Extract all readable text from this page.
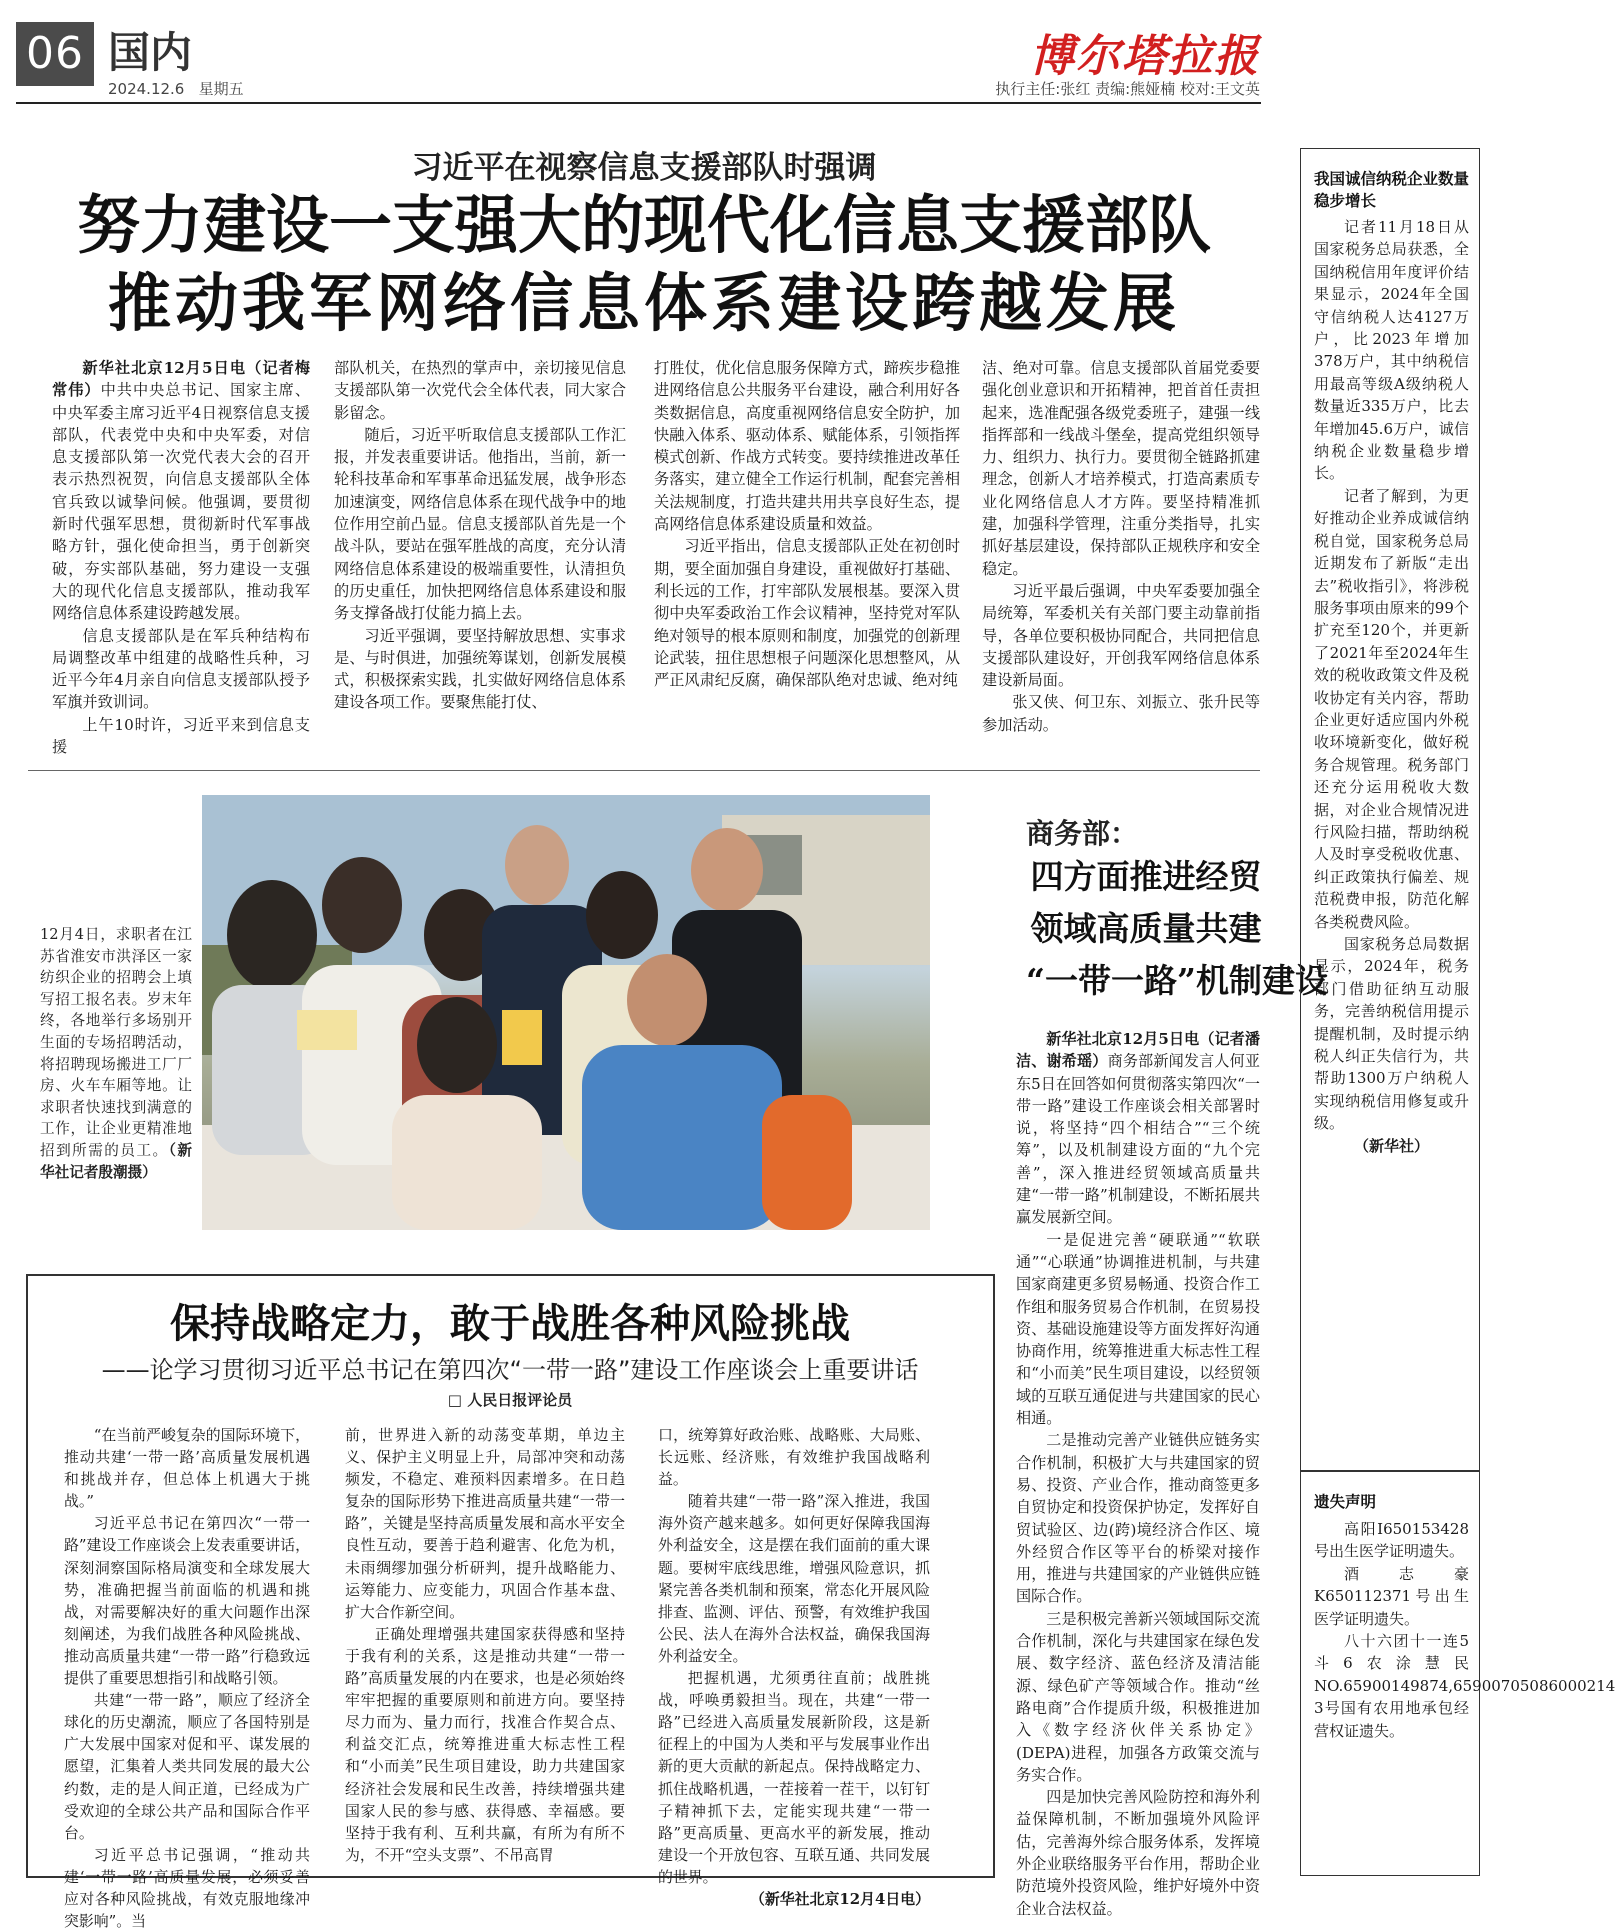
06 国内
2024.12.6 星期五
博尔塔拉报
执行主任:张红 责编:熊娅楠 校对:王文英
习近平在视察信息支援部队时强调
努力建设一支强大的现代化信息支援部队
推动我军网络信息体系建设跨越发展

新华社北京12月5日电（记者梅常伟）中共中央总书记、国家主席、中央军委主席习近平4日视察信息支援部队，代表党中央和中央军委，对信息支援部队第一次党代表大会的召开表示热烈祝贺，向信息支援部队全体官兵致以诚挚问候。他强调，要贯彻新时代强军思想，贯彻新时代军事战略方针，强化使命担当，勇于创新突破，夯实部队基础，努力建设一支强大的现代化信息支援部队，推动我军网络信息体系建设跨越发展。

信息支援部队是在军兵种结构布局调整改革中组建的战略性兵种，习近平今年4月亲自向信息支援部队授予军旗并致训词。

上午10时许，习近平来到信息支援

部队机关，在热烈的掌声中，亲切接见信息支援部队第一次党代会全体代表，同大家合影留念。

随后，习近平听取信息支援部队工作汇报，并发表重要讲话。他指出，当前，新一轮科技革命和军事革命迅猛发展，战争形态加速演变，网络信息体系在现代战争中的地位作用空前凸显。信息支援部队首先是一个战斗队，要站在强军胜战的高度，充分认清网络信息体系建设的极端重要性，认清担负的历史重任，加快把网络信息体系建设和服务支撑备战打仗能力搞上去。

习近平强调，要坚持解放思想、实事求是、与时俱进，加强统筹谋划，创新发展模式，积极探索实践，扎实做好网络信息体系建设各项工作。要聚焦能打仗、

打胜仗，优化信息服务保障方式，蹄疾步稳推进网络信息公共服务平台建设，融合利用好各类数据信息，高度重视网络信息安全防护，加快融入体系、驱动体系、赋能体系，引领指挥模式创新、作战方式转变。要持续推进改革任务落实，建立健全工作运行机制，配套完善相关法规制度，打造共建共用共享良好生态，提高网络信息体系建设质量和效益。

习近平指出，信息支援部队正处在初创时期，要全面加强自身建设，重视做好打基础、利长远的工作，打牢部队发展根基。要深入贯彻中央军委政治工作会议精神，坚持党对军队绝对领导的根本原则和制度，加强党的创新理论武装，扭住思想根子问题深化思想整风，从严正风肃纪反腐，确保部队绝对忠诚、绝对纯

洁、绝对可靠。信息支援部队首届党委要强化创业意识和开拓精神，把首首任责担起来，选准配强各级党委班子，建强一线指挥部和一线战斗堡垒，提高党组织领导力、组织力、执行力。要贯彻全链路抓建理念，创新人才培养模式，打造高素质专业化网络信息人才方阵。要坚持精准抓建，加强科学管理，注重分类指导，扎实抓好基层建设，保持部队正规秩序和安全稳定。

习近平最后强调，中央军委要加强全局统筹，军委机关有关部门要主动靠前指导，各单位要积极协同配合，共同把信息支援部队建设好，开创我军网络信息体系建设新局面。

张又侠、何卫东、刘振立、张升民等参加活动。

12月4日，求职者在江苏省淮安市洪泽区一家纺织企业的招聘会上填写招工报名表。岁末年终，各地举行多场别开生面的专场招聘活动，将招聘现场搬进工厂厂房、火车车厢等地。让求职者快速找到满意的工作，让企业更精准地招到所需的员工。（新华社记者殷潮摄）
商务部：
四方面推进经贸
领域高质量共建
“一带一路”机制建设

新华社北京12月5日电（记者潘洁、谢希瑶）商务部新闻发言人何亚东5日在回答如何贯彻落实第四次“一带一路”建设工作座谈会相关部署时说，将坚持“四个相结合”“三个统筹”，以及机制建设方面的“九个完善”，深入推进经贸领域高质量共建“一带一路”机制建设，不断拓展共赢发展新空间。

一是促进完善“硬联通”“软联通”“心联通”协调推进机制，与共建国家商建更多贸易畅通、投资合作工作组和服务贸易合作机制，在贸易投资、基础设施建设等方面发挥好沟通协商作用，统筹推进重大标志性工程和“小而美”民生项目建设，以经贸领域的互联互通促进与共建国家的民心相通。

二是推动完善产业链供应链务实合作机制，积极扩大与共建国家的贸易、投资、产业合作，推动商签更多自贸协定和投资保护协定，发挥好自贸试验区、边(跨)境经济合作区、境外经贸合作区等平台的桥梁对接作用，推进与共建国家的产业链供应链国际合作。

三是积极完善新兴领域国际交流合作机制，深化与共建国家在绿色发展、数字经济、蓝色经济及清洁能源、绿色矿产等领域合作。推动“丝路电商”合作提质升级，积极推进加入《数字经济伙伴关系协定》(DEPA)进程，加强各方政策交流与务实合作。

四是加快完善风险防控和海外利益保障机制，不断加强境外风险评估，完善海外综合服务体系，发挥境外企业联络服务平台作用，帮助企业防范境外投资风险，维护好境外中资企业合法权益。

保持战略定力，敢于战胜各种风险挑战
——论学习贯彻习近平总书记在第四次“一带一路”建设工作座谈会上重要讲话
□ 人民日报评论员

“在当前严峻复杂的国际环境下，推动共建‘一带一路’高质量发展机遇和挑战并存，但总体上机遇大于挑战。”

习近平总书记在第四次“一带一路”建设工作座谈会上发表重要讲话，深刻洞察国际格局演变和全球发展大势，准确把握当前面临的机遇和挑战，对需要解决好的重大问题作出深刻阐述，为我们战胜各种风险挑战、推动高质量共建“一带一路”行稳致远提供了重要思想指引和战略引领。

共建“一带一路”，顺应了经济全球化的历史潮流，顺应了各国特别是广大发展中国家对促和平、谋发展的愿望，汇集着人类共同发展的最大公约数，走的是人间正道，已经成为广受欢迎的全球公共产品和国际合作平台。

习近平总书记强调，“推动共建‘一带一路’高质量发展，必须妥善应对各种风险挑战，有效克服地缘冲突影响”。当

前，世界进入新的动荡变革期，单边主义、保护主义明显上升，局部冲突和动荡频发，不稳定、难预料因素增多。在日趋复杂的国际形势下推进高质量共建“一带一路”，关键是坚持高质量发展和高水平安全良性互动，要善于趋利避害、化危为机，未雨绸缪加强分析研判，提升战略能力、运筹能力、应变能力，巩固合作基本盘、扩大合作新空间。

正确处理增强共建国家获得感和坚持于我有利的关系，这是推动共建“一带一路”高质量发展的内在要求，也是必须始终牢牢把握的重要原则和前进方向。要坚持尽力而为、量力而行，找准合作契合点、利益交汇点，统筹推进重大标志性工程和“小而美”民生项目建设，助力共建国家经济社会发展和民生改善，持续增强共建国家人民的参与感、获得感、幸福感。要坚持于我有利、互利共赢，有所为有所不为，不开“空头支票”、不吊高胃

口，统筹算好政治账、战略账、大局账、长远账、经济账，有效维护我国战略利益。

随着共建“一带一路”深入推进，我国海外资产越来越多。如何更好保障我国海外利益安全，这是摆在我们面前的重大课题。要树牢底线思维，增强风险意识，抓紧完善各类机制和预案，常态化开展风险排查、监测、评估、预警，有效维护我国公民、法人在海外合法权益，确保我国海外利益安全。

把握机遇，尤须勇往直前；战胜挑战，呼唤勇毅担当。现在，共建“一带一路”已经进入高质量发展新阶段，这是新征程上的中国为人类和平与发展事业作出新的更大贡献的新起点。保持战略定力、抓住战略机遇，一茬接着一茬干，以钉钉子精神抓下去，定能实现共建“一带一路”更高质量、更高水平的新发展，推动建设一个开放包容、互联互通、共同发展的世界。

（新华社北京12月4日电）

我国诚信纳税企业数量稳步增长

记者11月18日从国家税务总局获悉，全国纳税信用年度评价结果显示，2024年全国守信纳税人达4127万户，比2023年增加378万户，其中纳税信用最高等级A级纳税人数量近335万户，比去年增加45.6万户，诚信纳税企业数量稳步增长。

记者了解到，为更好推动企业养成诚信纳税自觉，国家税务总局近期发布了新版“走出去”税收指引》，将涉税服务事项由原来的99个扩充至120个，并更新了2021年至2024年生效的税收政策文件及税收协定有关内容，帮助企业更好适应国内外税收环境新变化，做好税务合规管理。税务部门还充分运用税收大数据，对企业合规情况进行风险扫描，帮助纳税人及时享受税收优惠、纠正政策执行偏差、规范税费申报，防范化解各类税费风险。

国家税务总局数据显示，2024年，税务部门借助征纳互动服务，完善纳税信用提示提醒机制，及时提示纳税人纠正失信行为，共帮助1300万户纳税人实现纳税信用修复或升级。

（新华社）

遗失声明

高阳I650153428号出生医学证明遗失。

酒志豪K650112371号出生医学证明遗失。

八十六团十一连5斗6农涂慧民NO.65900149874,65900705086000214 3号国有农用地承包经营权证遗失。
